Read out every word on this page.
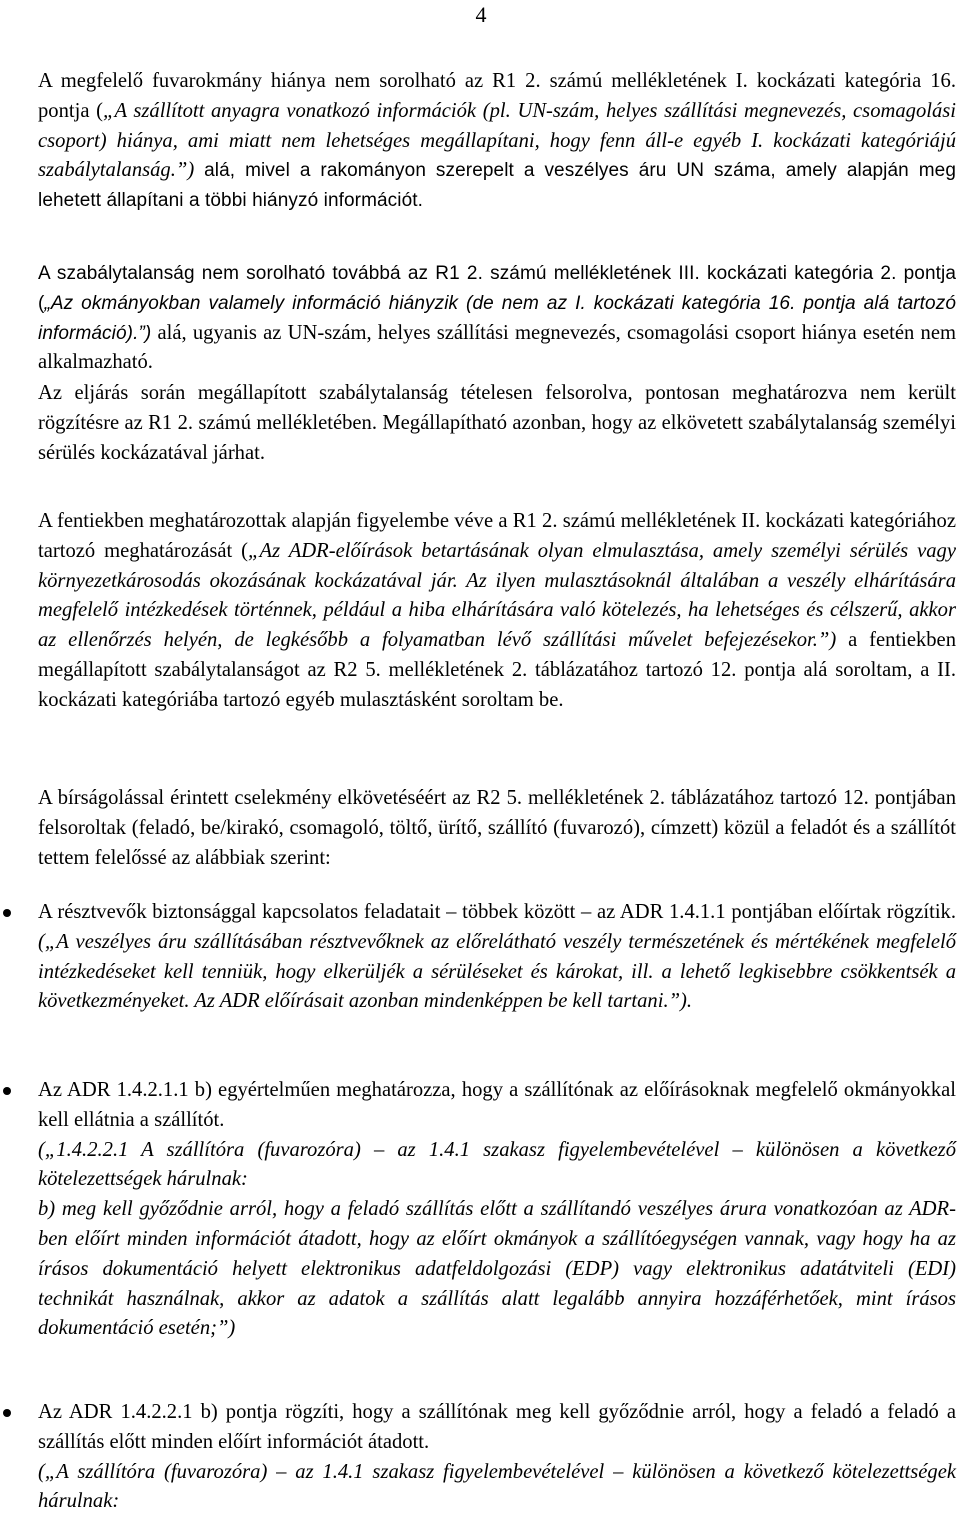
4

A megfelelő fuvarokmány hiánya nem sorolható az R1 2. számú mellékletének I. kockázati kategória 16. pontja („A szállított anyagra vonatkozó információk (pl. UN-szám, helyes szállítási megnevezés, csomagolási csoport) hiánya, ami miatt nem lehetséges megállapítani, hogy fenn áll-e egyéb I. kockázati kategóriájú szabálytalanság.”) alá, mivel a rakományon szerepelt a veszélyes áru UN száma, amely alapján meg lehetett állapítani a többi hiányzó információt.

A szabálytalanság nem sorolható továbbá az R1 2. számú mellékletének III. kockázati kategória 2. pontja („Az okmányokban valamely információ hiányzik (de nem az I. kockázati kategória 16. pontja alá tartozó információ).”) alá, ugyanis az UN-szám, helyes szállítási megnevezés, csomagolási csoport hiánya esetén nem alkalmazható.

Az eljárás során megállapított szabálytalanság tételesen felsorolva, pontosan meghatározva nem került rögzítésre az R1 2. számú mellékletében. Megállapítható azonban, hogy az elkövetett szabálytalanság személyi sérülés kockázatával járhat.

A fentiekben meghatározottak alapján figyelembe véve a R1 2. számú mellékletének II. kockázati kategóriához tartozó meghatározását („Az ADR-előírások betartásának olyan elmulasztása, amely személyi sérülés vagy környezetkárosodás okozásának kockázatával jár. Az ilyen mulasztásoknál általában a veszély elhárítására megfelelő intézkedések történnek, például a hiba elhárítására való kötelezés, ha lehetséges és célszerű, akkor az ellenőrzés helyén, de legkésőbb a folyamatban lévő szállítási művelet befejezésekor.”) a fentiekben megállapított szabálytalanságot az R2 5. mellékletének 2. táblázatához tartozó 12. pontja alá soroltam, a II. kockázati kategóriába tartozó egyéb mulasztásként soroltam be.

A bírságolással érintett cselekmény elkövetéséért az R2 5. mellékletének 2. táblázatához tartozó 12. pontjában felsoroltak (feladó, be/kirakó, csomagoló, töltő, ürítő, szállító (fuvarozó), címzett) közül a feladót és a szállítót tettem felelőssé az alábbiak szerint:

A résztvevők biztonsággal kapcsolatos feladatait – többek között – az ADR 1.4.1.1 pontjában előírtak rögzítik. („A veszélyes áru szállításában résztvevőknek az előrelátható veszély természetének és mértékének megfelelő intézkedéseket kell tenniük, hogy elkerüljék a sérüléseket és károkat, ill. a lehető legkisebbre csökkentsék a következményeket. Az ADR előírásait azonban mindenképpen be kell tartani.”).

Az ADR 1.4.2.1.1 b) egyértelműen meghatározza, hogy a szállítónak az előírásoknak megfelelő okmányokkal kell ellátnia a szállítót.

(„1.4.2.2.1 A szállítóra (fuvarozóra) – az 1.4.1 szakasz figyelembevételével – különösen a következő kötelezettségek hárulnak:

b) meg kell győződnie arról, hogy a feladó szállítás előtt a szállítandó veszélyes árura vonatkozóan az ADR-ben előírt minden információt átadott, hogy az előírt okmányok a szállítóegységen vannak, vagy hogy ha az írásos dokumentáció helyett elektronikus adatfeldolgozási (EDP) vagy elektronikus adatátviteli (EDI) technikát használnak, akkor az adatok a szállítás alatt legalább annyira hozzáférhetőek, mint írásos dokumentáció esetén;”)

Az ADR 1.4.2.2.1 b) pontja rögzíti, hogy a szállítónak meg kell győződnie arról, hogy a feladó a feladó a szállítás előtt minden előírt információt átadott.

(„A szállítóra (fuvarozóra) – az 1.4.1 szakasz figyelembevételével – különösen a következő kötelezettségek hárulnak:
